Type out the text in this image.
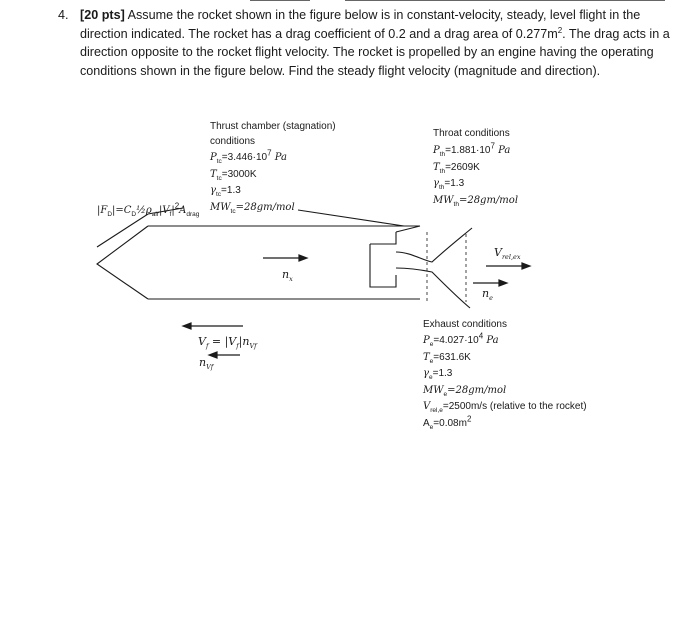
4. [20 pts] Assume the rocket shown in the figure below is in constant-velocity, steady, level flight in the direction indicated. The rocket has a drag coefficient of 0.2 and a drag area of $0.277m^2$. The drag acts in a direction opposite to the rocket flight velocity. The rocket is propelled by an engine having the operating conditions shown in the figure below. Find the steady flight velocity (magnitude and direction).
Thrust chamber (stagnation)
conditions
$P_{tc}=3.446\cdot 10^7$ Pa
$T_{tc}=3000K$
$\gamma_{tc}=1.3$
$MW_{tc}=28gm$/mol
Throat conditions
$P_{th}=1.881\cdot 10^7$ Pa
$T_{th}=2609K$
$\gamma_{th}=1.3$
$MW_{th}=28gm$/mol
Exhaust conditions
$P_e=4.027\cdot 10^4$ Pa
$T_e=631.6K$
$\gamma_e=1.3$
$MW_e=28gm$/mol
$V_{rel,e}=2500m/s$ (relative to the rocket)
$A_e=0.08m^2$
$|F_D|=C_D\frac{1}{2}\rho_{air}|V_f|^2A_{drag}$
$n_x$
$V_{rel,ex}$
$n_e$
$V_f = |V_f|n_{Vf}$
$n_{Vf}$
